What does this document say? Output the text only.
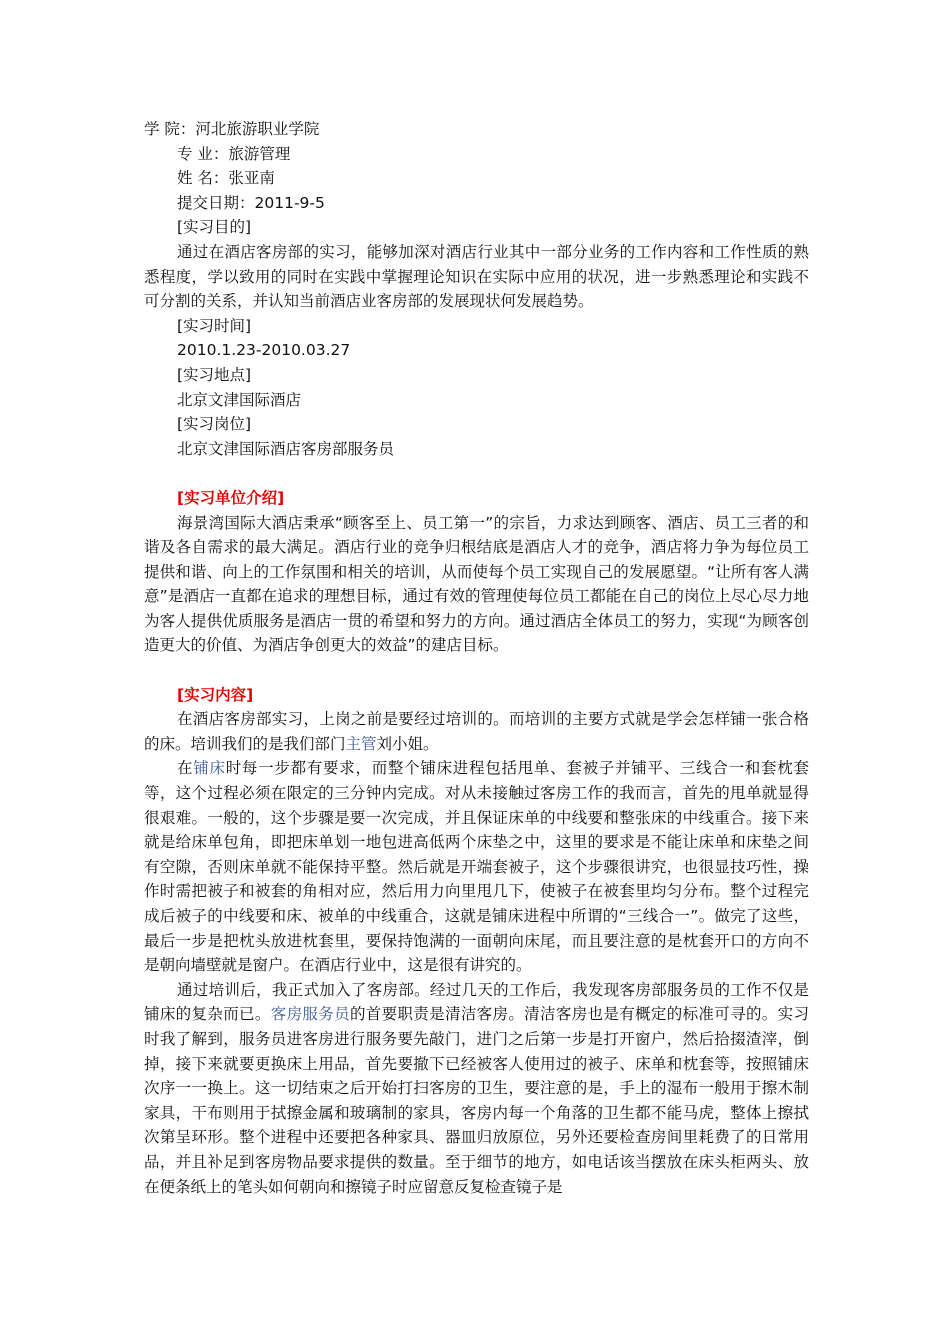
学 院：河北旅游职业学院
专 业：旅游管理
姓 名：张亚南
提交日期：2011-9-5
[实习目的]

通过在酒店客房部的实习，能够加深对酒店行业其中一部分业务的工作内容和工作性质的熟悉程度，学以致用的同时在实践中掌握理论知识在实际中应用的状况，进一步熟悉理论和实践不可分割的关系，并认知当前酒店业客房部的发展现状何发展趋势。

[实习时间]
2010.1.23-2010.03.27
[实习地点]
北京文津国际酒店
[实习岗位]
北京文津国际酒店客房部服务员
[实习单位介绍]

海景湾国际大酒店秉承“顾客至上、员工第一”的宗旨，力求达到顾客、酒店、员工三者的和谐及各自需求的最大满足。酒店行业的竞争归根结底是酒店人才的竞争，酒店将力争为每位员工提供和谐、向上的工作氛围和相关的培训，从而使每个员工实现自己的发展愿望。“让所有客人满意”是酒店一直都在追求的理想目标，通过有效的管理使每位员工都能在自己的岗位上尽心尽力地为客人提供优质服务是酒店一贯的希望和努力的方向。通过酒店全体员工的努力，实现“为顾客创造更大的价值、为酒店争创更大的效益”的建店目标。

[实习内容]

在酒店客房部实习，上岗之前是要经过培训的。而培训的主要方式就是学会怎样铺一张合格的床。培训我们的是我们部门主管刘小姐。

在铺床时每一步都有要求，而整个铺床进程包括甩单、套被子并铺平、三线合一和套枕套等，这个过程必须在限定的三分钟内完成。对从未接触过客房工作的我而言，首先的甩单就显得很艰难。一般的，这个步骤是要一次完成，并且保证床单的中线要和整张床的中线重合。接下来就是给床单包角，即把床单划一地包进高低两个床垫之中，这里的要求是不能让床单和床垫之间有空隙，否则床单就不能保持平整。然后就是开端套被子，这个步骤很讲究，也很显技巧性，操作时需把被子和被套的角相对应，然后用力向里甩几下，使被子在被套里均匀分布。整个过程完成后被子的中线要和床、被单的中线重合，这就是铺床进程中所谓的“三线合一”。做完了这些，最后一步是把枕头放进枕套里，要保持饱满的一面朝向床尾，而且要注意的是枕套开口的方向不是朝向墙壁就是窗户。在酒店行业中，这是很有讲究的。

通过培训后，我正式加入了客房部。经过几天的工作后，我发现客房部服务员的工作不仅是铺床的复杂而已。客房服务员的首要职责是清洁客房。清洁客房也是有概定的标准可寻的。实习时我了解到，服务员进客房进行服务要先敲门，进门之后第一步是打开窗户，然后拾掇渣滓，倒掉，接下来就要更换床上用品，首先要撤下已经被客人使用过的被子、床单和枕套等，按照铺床次序一一换上。这一切结束之后开始打扫客房的卫生，要注意的是，手上的湿布一般用于擦木制家具，干布则用于拭擦金属和玻璃制的家具，客房内每一个角落的卫生都不能马虎，整体上擦拭次第呈环形。整个进程中还要把各种家具、器皿归放原位，另外还要检查房间里耗费了的日常用品，并且补足到客房物品要求提供的数量。至于细节的地方，如电话该当摆放在床头柜两头、放在便条纸上的笔头如何朝向和擦镜子时应留意反复检查镜子是
